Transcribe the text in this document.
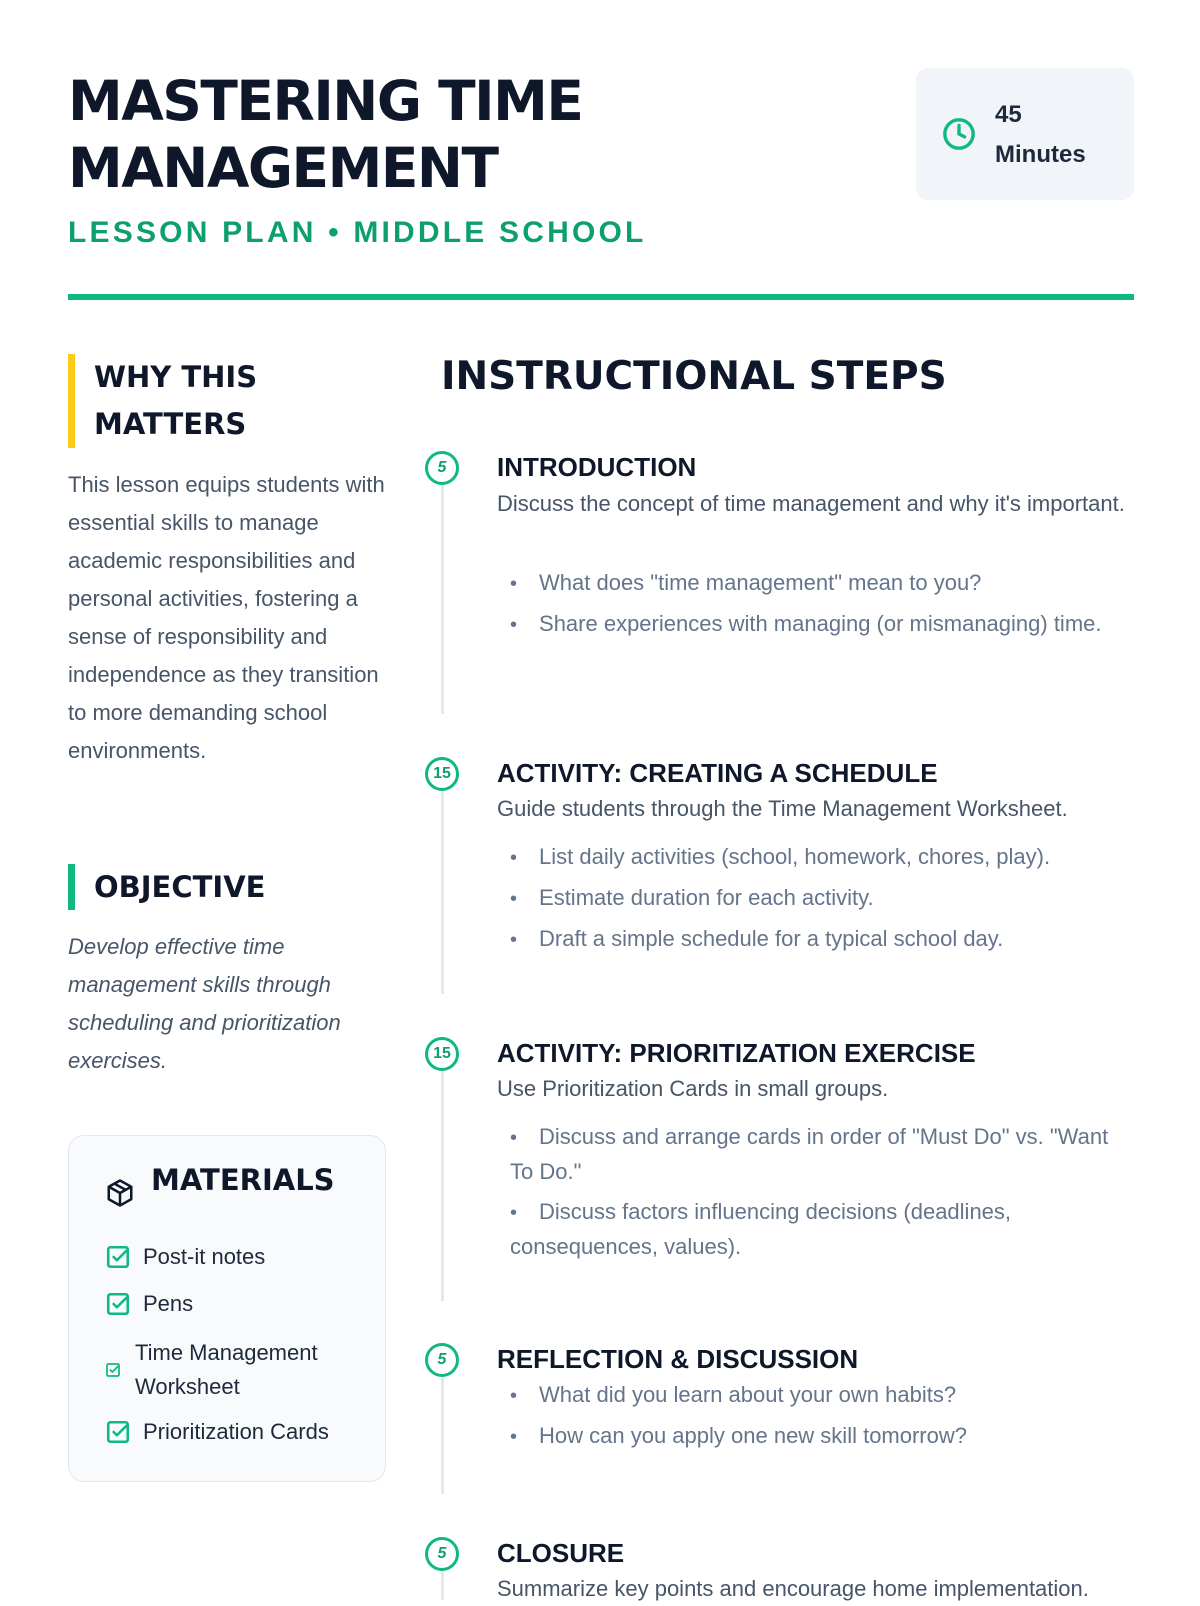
MASTERING TIME MANAGEMENT
LESSON PLAN • MIDDLE SCHOOL
45
Minutes
WHY THIS MATTERS
This lesson equips students with essential skills to manage academic responsibilities and personal activities, fostering a sense of responsibility and independence as they transition to more demanding school environments.
OBJECTIVE
Develop effective time management skills through scheduling and prioritization exercises.
MATERIALS
Post-it notes
Pens
Time Management Worksheet
Prioritization Cards
INSTRUCTIONAL STEPS
5	INTRODUCTION
Discuss the concept of time management and why it's important.
• What does "time management" mean to you?
• Share experiences with managing (or mismanaging) time.
15	ACTIVITY: CREATING A SCHEDULE
Guide students through the Time Management Worksheet.
• List daily activities (school, homework, chores, play).
• Estimate duration for each activity.
• Draft a simple schedule for a typical school day.
15	ACTIVITY: PRIORITIZATION EXERCISE
Use Prioritization Cards in small groups.
• Discuss and arrange cards in order of "Must Do" vs. "Want To Do."
• Discuss factors influencing decisions (deadlines, consequences, values).
5	REFLECTION & DISCUSSION
• What did you learn about your own habits?
• How can you apply one new skill tomorrow?
5	CLOSURE
Summarize key points and encourage home implementation.
